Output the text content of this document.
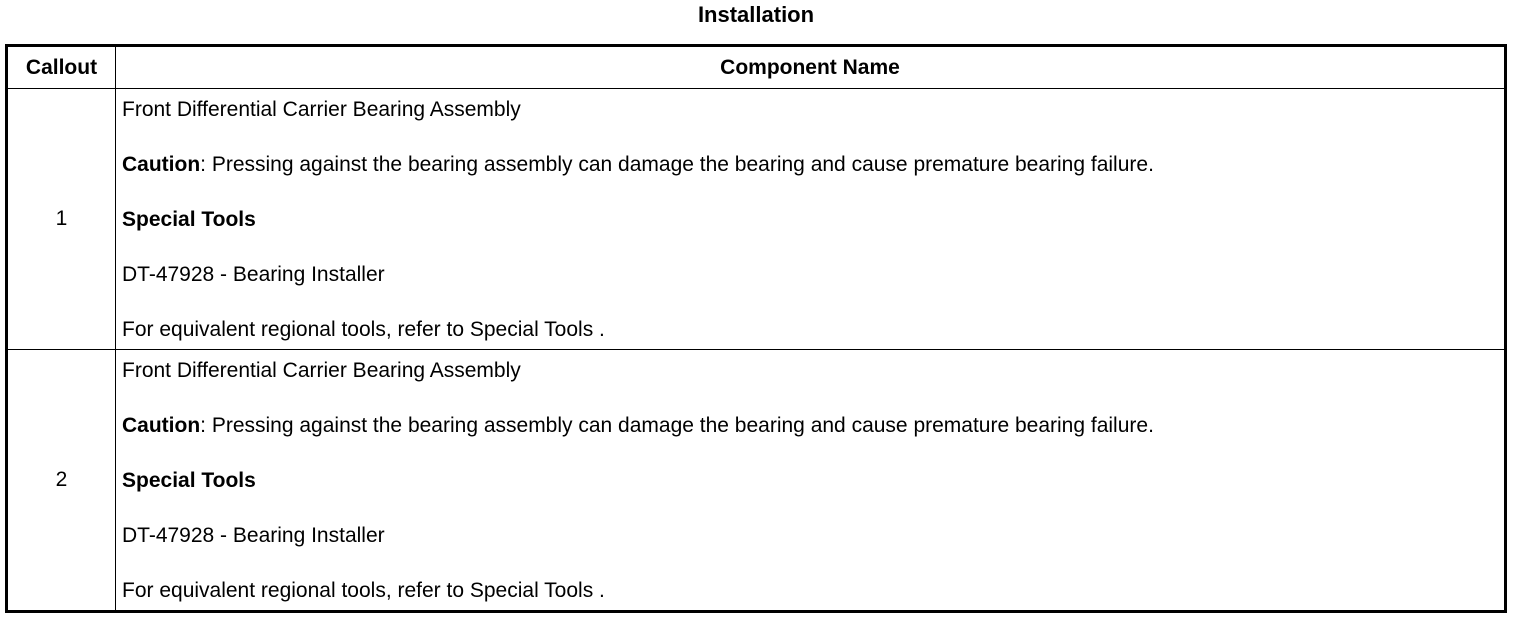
Installation
Callout	Component Name
1	Front Differential Carrier Bearing Assembly
Caution: Pressing against the bearing assembly can damage the bearing and cause premature bearing failure.
Special Tools
DT-47928 - Bearing Installer
For equivalent regional tools, refer to Special Tools .

2	Front Differential Carrier Bearing Assembly
Caution: Pressing against the bearing assembly can damage the bearing and cause premature bearing failure.
Special Tools
DT-47928 - Bearing Installer
For equivalent regional tools, refer to Special Tools .
